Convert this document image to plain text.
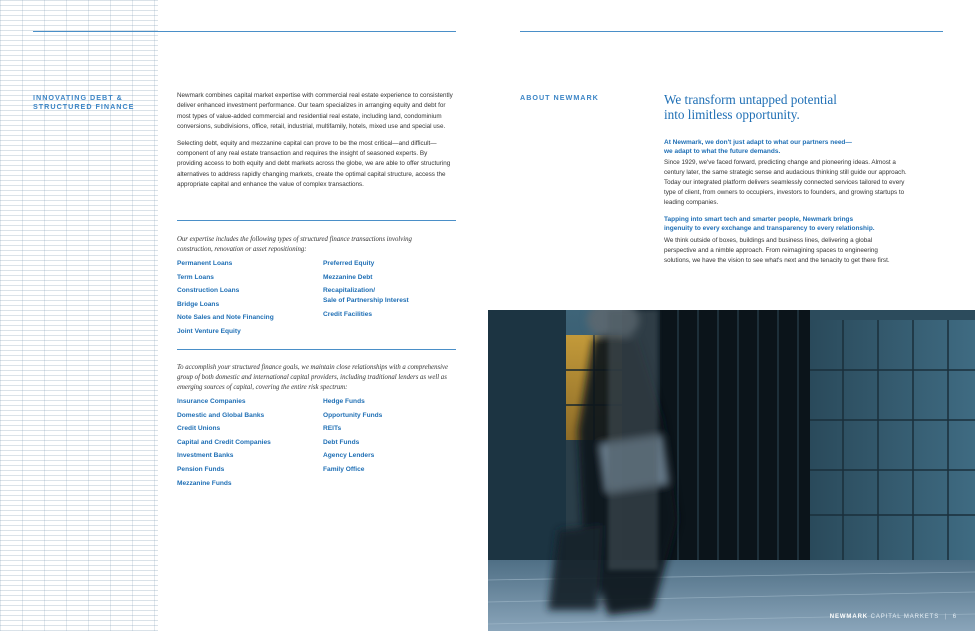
INNOVATING DEBT & STRUCTURED FINANCE

Newmark combines capital market expertise with commercial real estate experience to consistently deliver enhanced investment performance. Our team specializes in arranging equity and debt for most types of value-added commercial and residential real estate, including land, condominium conversions, subdivisions, office, retail, industrial, multifamily, hotels, mixed use and special use.

Selecting debt, equity and mezzanine capital can prove to be the most critical—and difficult—component of any real estate transaction and requires the insight of seasoned experts. By providing access to both equity and debt markets across the globe, we are able to offer structuring alternatives to address rapidly changing markets, create the optimal capital structure, access the appropriate capital and enhance the value of complex transactions.

Our expertise includes the following types of structured finance transactions involving construction, renovation or asset repositioning:
Permanent Loans
Term Loans
Construction Loans
Bridge Loans
Note Sales and Note Financing
Joint Venture Equity
Preferred Equity
Mezzanine Debt
Recapitalization/
Sale of Partnership Interest
Credit Facilities
To accomplish your structured finance goals, we maintain close relationships with a comprehensive group of both domestic and international capital providers, including traditional lenders as well as emerging sources of capital, covering the entire risk spectrum:
Insurance Companies
Domestic and Global Banks
Credit Unions
Capital and Credit Companies
Investment Banks
Pension Funds
Mezzanine Funds
Hedge Funds
Opportunity Funds
REITs
Debt Funds
Agency Lenders
Family Office
ABOUT NEWMARK	We transform untapped potential
into limitless opportunity.
At Newmark, we don't just adapt to what our partners need—
we adapt to what the future demands.
Since 1929, we've faced forward, predicting change and pioneering ideas. Almost a century later, the same strategic sense and audacious thinking still guide our approach. Today our integrated platform delivers seamlessly connected services tailored to every type of client, from owners to occupiers, investors to founders, and growing startups to leading companies.
Tapping into smart tech and smarter people, Newmark brings
ingenuity to every exchange and transparency to every relationship.
We think outside of boxes, buildings and business lines, delivering a global perspective and a nimble approach. From reimagining spaces to engineering solutions, we have the vision to see what's next and the tenacity to get there first.
NEWMARK CAPITAL MARKETS | 6
